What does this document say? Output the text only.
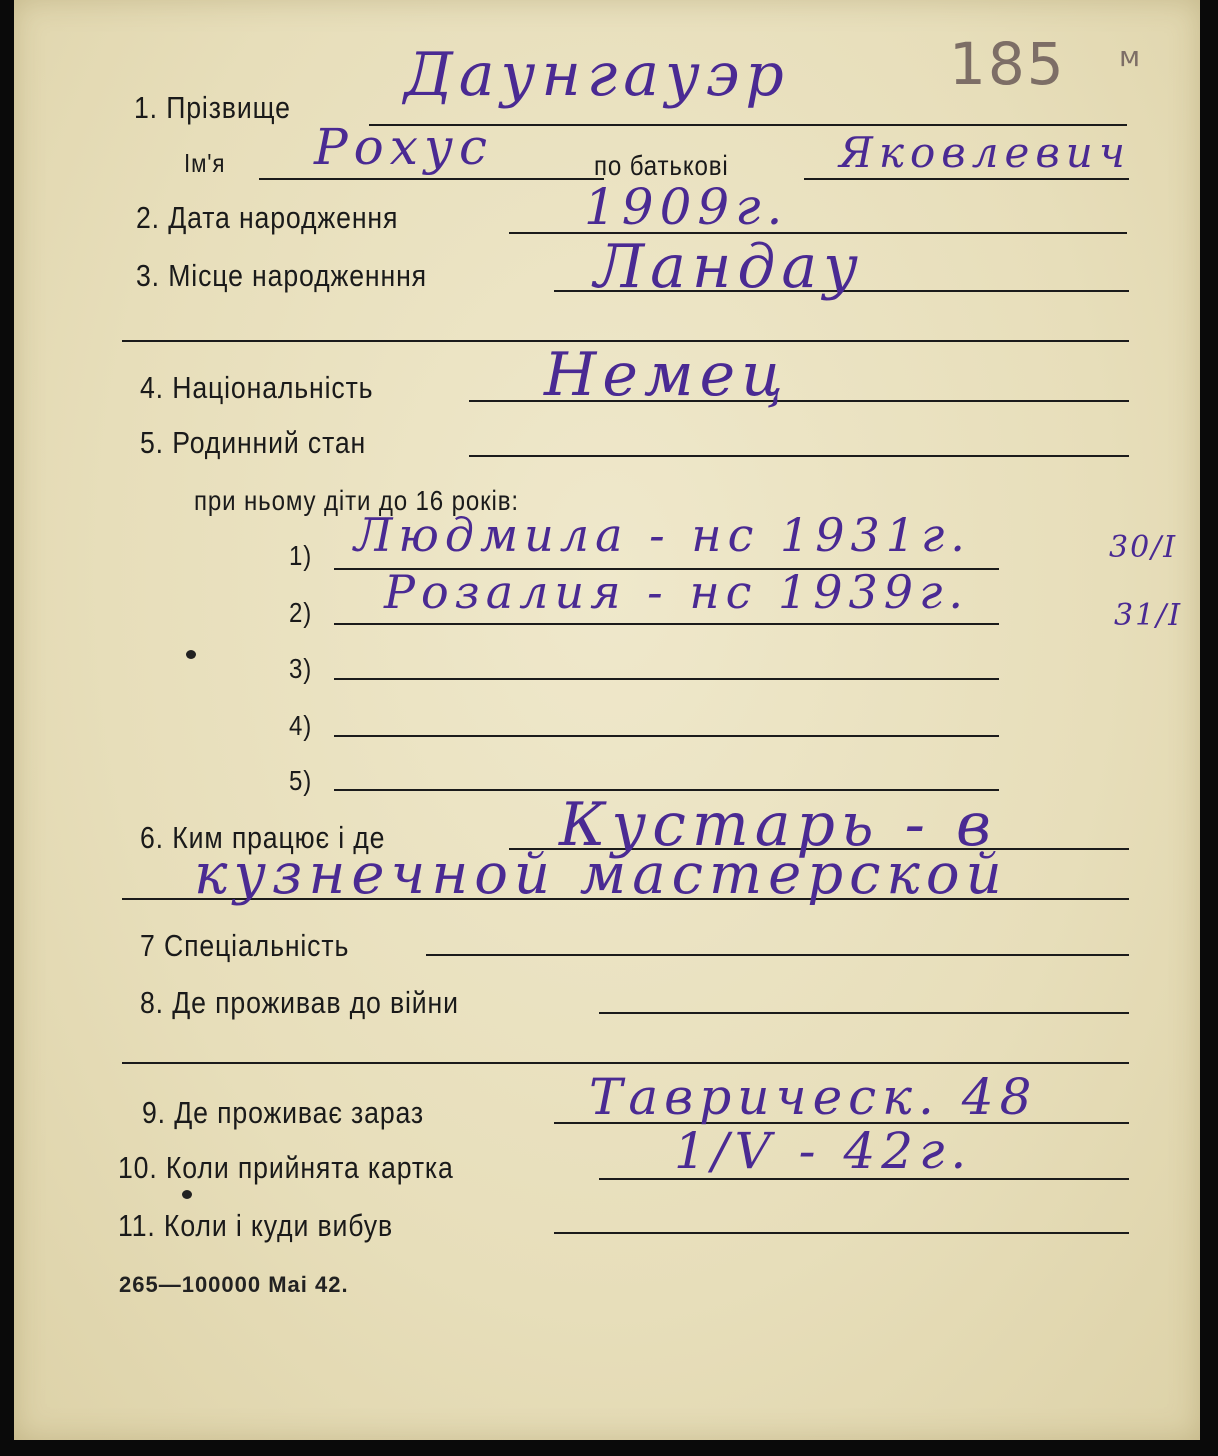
1. Прізвище Даунгауэр	185 м
Ім'я Рохус	по батькові	Яковлевич
2. Дата народження	1909г.
3. Місце народженння	Ландау
4. Національність	Немец
5. Родинний стан
при ньому діти до 16 років:
1) Людмила - нс 1931г.	30/I
2) Розалия - нс 1939г.	31/I
3)
4)
5)
6. Ким працює і де	Кустарь - в
кузнечной мастерской
7 Спеціальність
8. Де проживав до війни
9. Де проживає зараз	Таврическ. 48
10. Коли прийнята картка	1/V - 42г.
11. Коли і куди вибув
265—100000 Maі 42.
